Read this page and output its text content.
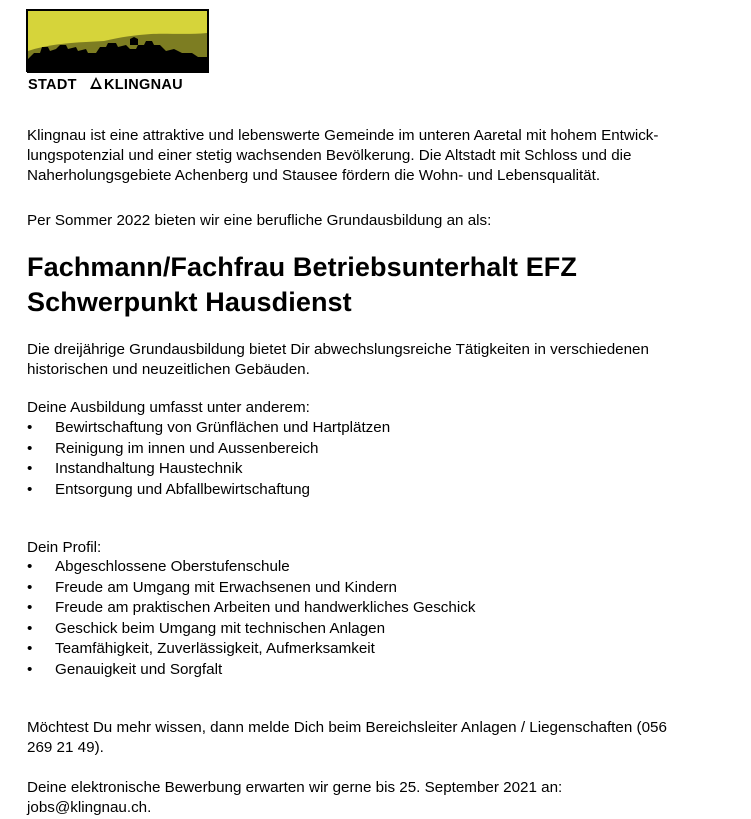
STADT KLINGNAU
Klingnau ist eine attraktive und lebenswerte Gemeinde im unteren Aaretal mit hohem Entwick-
lungspotenzial und einer stetig wachsenden Bevölkerung. Die Altstadt mit Schloss und die
Naherholungsgebiete Achenberg und Stausee fördern die Wohn- und Lebensqualität.

Per Sommer 2022 bieten wir eine berufliche Grundausbildung an als:

Fachmann/Fachfrau Betriebsunterhalt EFZ
Schwerpunkt Hausdienst
Die dreijährige Grundausbildung bietet Dir abwechslungsreiche Tätigkeiten in verschiedenen
historischen und neuzeitlichen Gebäuden.

Deine Ausbildung umfasst unter anderem:

• Bewirtschaftung von Grünflächen und Hartplätzen
• Reinigung im innen und Aussenbereich
• Instandhaltung Haustechnik
• Entsorgung und Abfallbewirtschaftung

Dein Profil:

• Abgeschlossene Oberstufenschule
• Freude am Umgang mit Erwachsenen und Kindern
• Freude am praktischen Arbeiten und handwerkliches Geschick
• Geschick beim Umgang mit technischen Anlagen
• Teamfähigkeit, Zuverlässigkeit, Aufmerksamkeit
• Genauigkeit und Sorgfalt
Möchtest Du mehr wissen, dann melde Dich beim Bereichsleiter Anlagen / Liegenschaften (056
269 21 49).
Deine elektronische Bewerbung erwarten wir gerne bis 25. September 2021 an:
jobs@klingnau.ch.
